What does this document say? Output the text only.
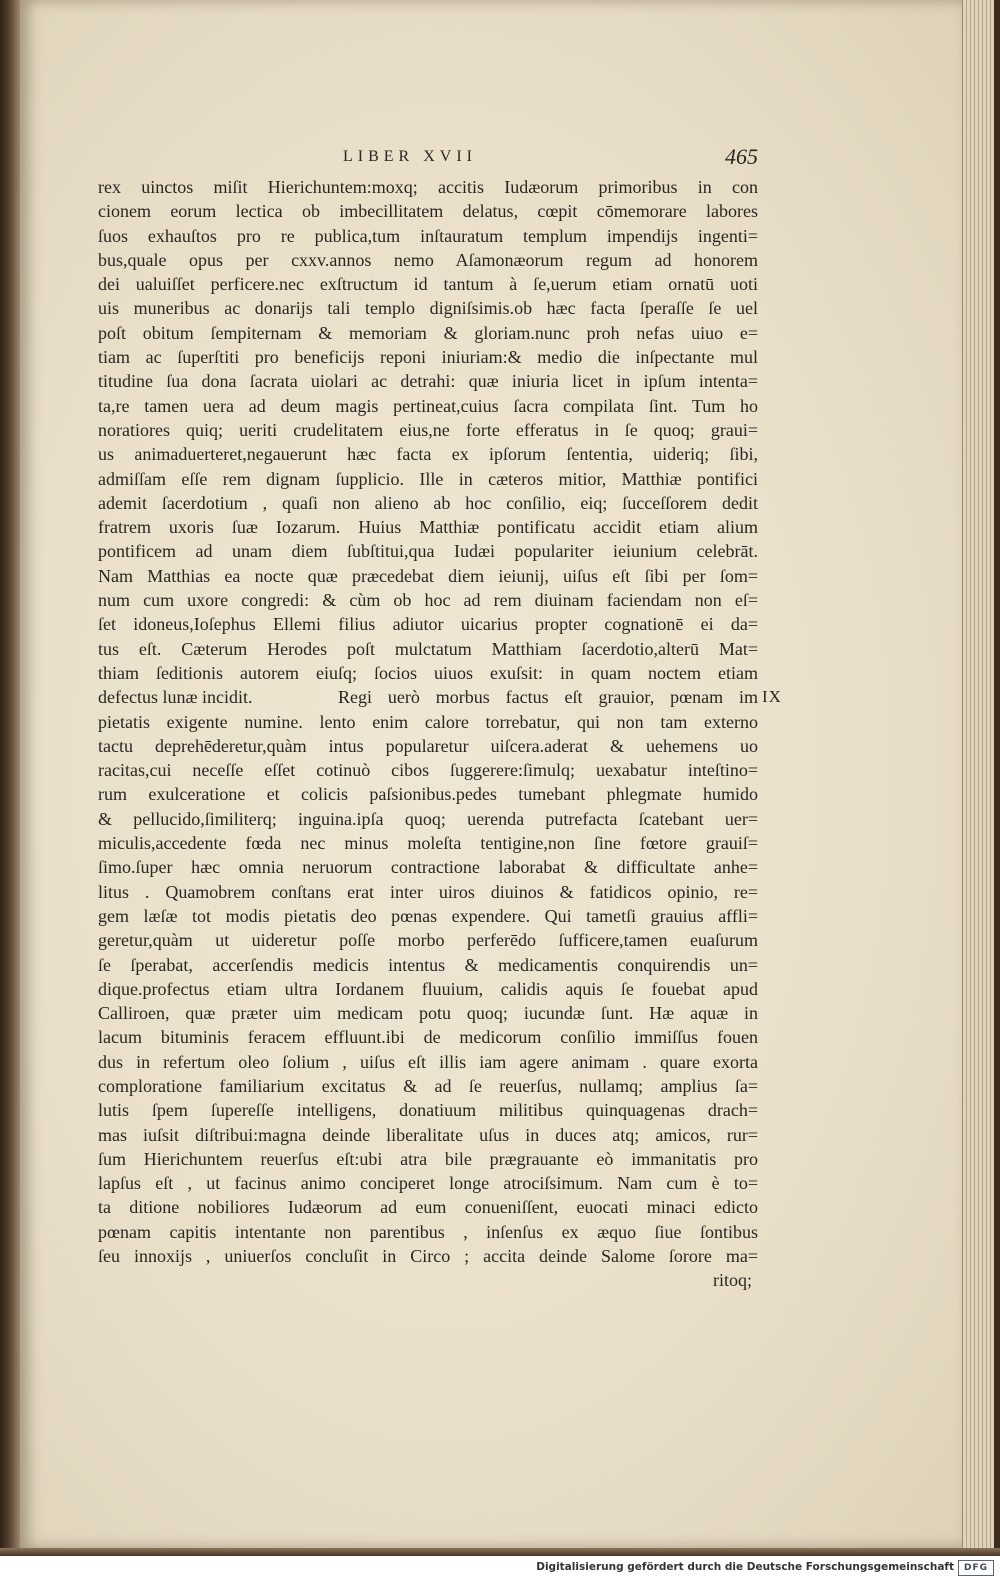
LIBER XVII	465
rex uinctos miſit Hierichuntem:moxq; accitis Iudæorum primoribus in con
cionem eorum lectica ob imbecillitatem delatus, cœpit cōmemorare labores
ſuos exhauſtos pro re publica,tum inſtauratum templum impendijs ingenti=
bus,quale opus per cxxv.annos nemo Aſamonæorum regum ad honorem
dei ualuiſſet perficere.nec exſtructum id tantum à ſe,uerum etiam ornatū uoti
uis muneribus ac donarijs tali templo digniſsimis.ob hæc facta ſperaſſe ſe uel
poſt obitum ſempiternam & memoriam & gloriam.nunc proh nefas uiuo e=
tiam ac ſuperſtiti pro beneficijs reponi iniuriam:& medio die inſpectante mul
titudine ſua dona ſacrata uiolari ac detrahi: quæ iniuria licet in ipſum intenta=
ta,re tamen uera ad deum magis pertineat,cuius ſacra compilata ſint. Tum ho
noratiores quiq; ueriti crudelitatem eius,ne forte efferatus in ſe quoq; graui=
us animaduerteret,negauerunt hæc facta ex ipſorum ſententia, uideriq; ſibi,
admiſſam eſſe rem dignam ſupplicio. Ille in cæteros mitior, Matthiæ pontifici
ademit ſacerdotium , quaſi non alieno ab hoc conſilio, eiq; ſucceſſorem dedit
fratrem uxoris ſuæ Iozarum. Huius Matthiæ pontificatu accidit etiam alium
pontificem ad unam diem ſubſtitui,qua Iudæi populariter ieiunium celebrāt.
Nam Matthias ea nocte quæ præcedebat diem ieiunij, uiſus eſt ſibi per ſom=
num cum uxore congredi: & cùm ob hoc ad rem diuinam faciendam non eſ=
ſet idoneus,Ioſephus Ellemi filius adiutor uicarius propter cognationē ei da=
tus eſt. Cæterum Herodes poſt mulctatum Matthiam ſacerdotio,alterū Mat=
thiam ſeditionis autorem eiuſq; ſocios uiuos exuſsit: in quam noctem etiam
defectus lunæ incidit.	Regi uerò morbus factus eſt grauior, pœnam im
pietatis exigente numine. lento enim calore torrebatur, qui non tam externo
tactu deprehēderetur,quàm intus popularetur uiſcera.aderat & uehemens uo
racitas,cui neceſſe eſſet cotinuò cibos ſuggerere:ſimulq; uexabatur inteſtino=
rum exulceratione et colicis paſsionibus.pedes tumebant phlegmate humido
& pellucido,ſimiliterq; inguina.ipſa quoq; uerenda putrefacta ſcatebant uer=
miculis,accedente fœda nec minus moleſta tentigine,non ſine fœtore grauiſ=
ſimo.ſuper hæc omnia neruorum contractione laborabat & difficultate anhe=
litus . Quamobrem conſtans erat inter uiros diuinos & fatidicos opinio, re=
gem læſæ tot modis pietatis deo pœnas expendere. Qui tametſi grauius affli=
geretur,quàm ut uideretur poſſe morbo perferēdo ſufficere,tamen euaſurum
ſe ſperabat, accerſendis medicis intentus & medicamentis conquirendis un=
dique.profectus etiam ultra Iordanem fluuium, calidis aquis ſe fouebat apud
Calliroen, quæ præter uim medicam potu quoq; iucundæ ſunt. Hæ aquæ in
lacum bituminis feracem effluunt.ibi de medicorum conſilio immiſſus fouen
dus in refertum oleo ſolium , uiſus eſt illis iam agere animam . quare exorta
comploratione familiarium excitatus & ad ſe reuerſus, nullamq; amplius ſa=
lutis ſpem ſupereſſe intelligens, donatiuum militibus quinquagenas drach=
mas iuſsit diſtribui:magna deinde liberalitate uſus in duces atq; amicos, rur=
ſum Hierichuntem reuerſus eſt:ubi atra bile prægrauante eò immanitatis pro
lapſus eſt , ut facinus animo conciperet longe atrociſsimum. Nam cum è to=
ta ditione nobiliores Iudæorum ad eum conueniſſent, euocati minaci edicto
pœnam capitis intentante non parentibus , inſenſus ex æquo ſiue ſontibus
ſeu innoxijs , uniuerſos concluſit in Circo ; accita deinde Salome ſorore ma=
ritoq;
IX
Digitalisierung gefördert durch die Deutsche Forschungsgemeinschaft	DFG
